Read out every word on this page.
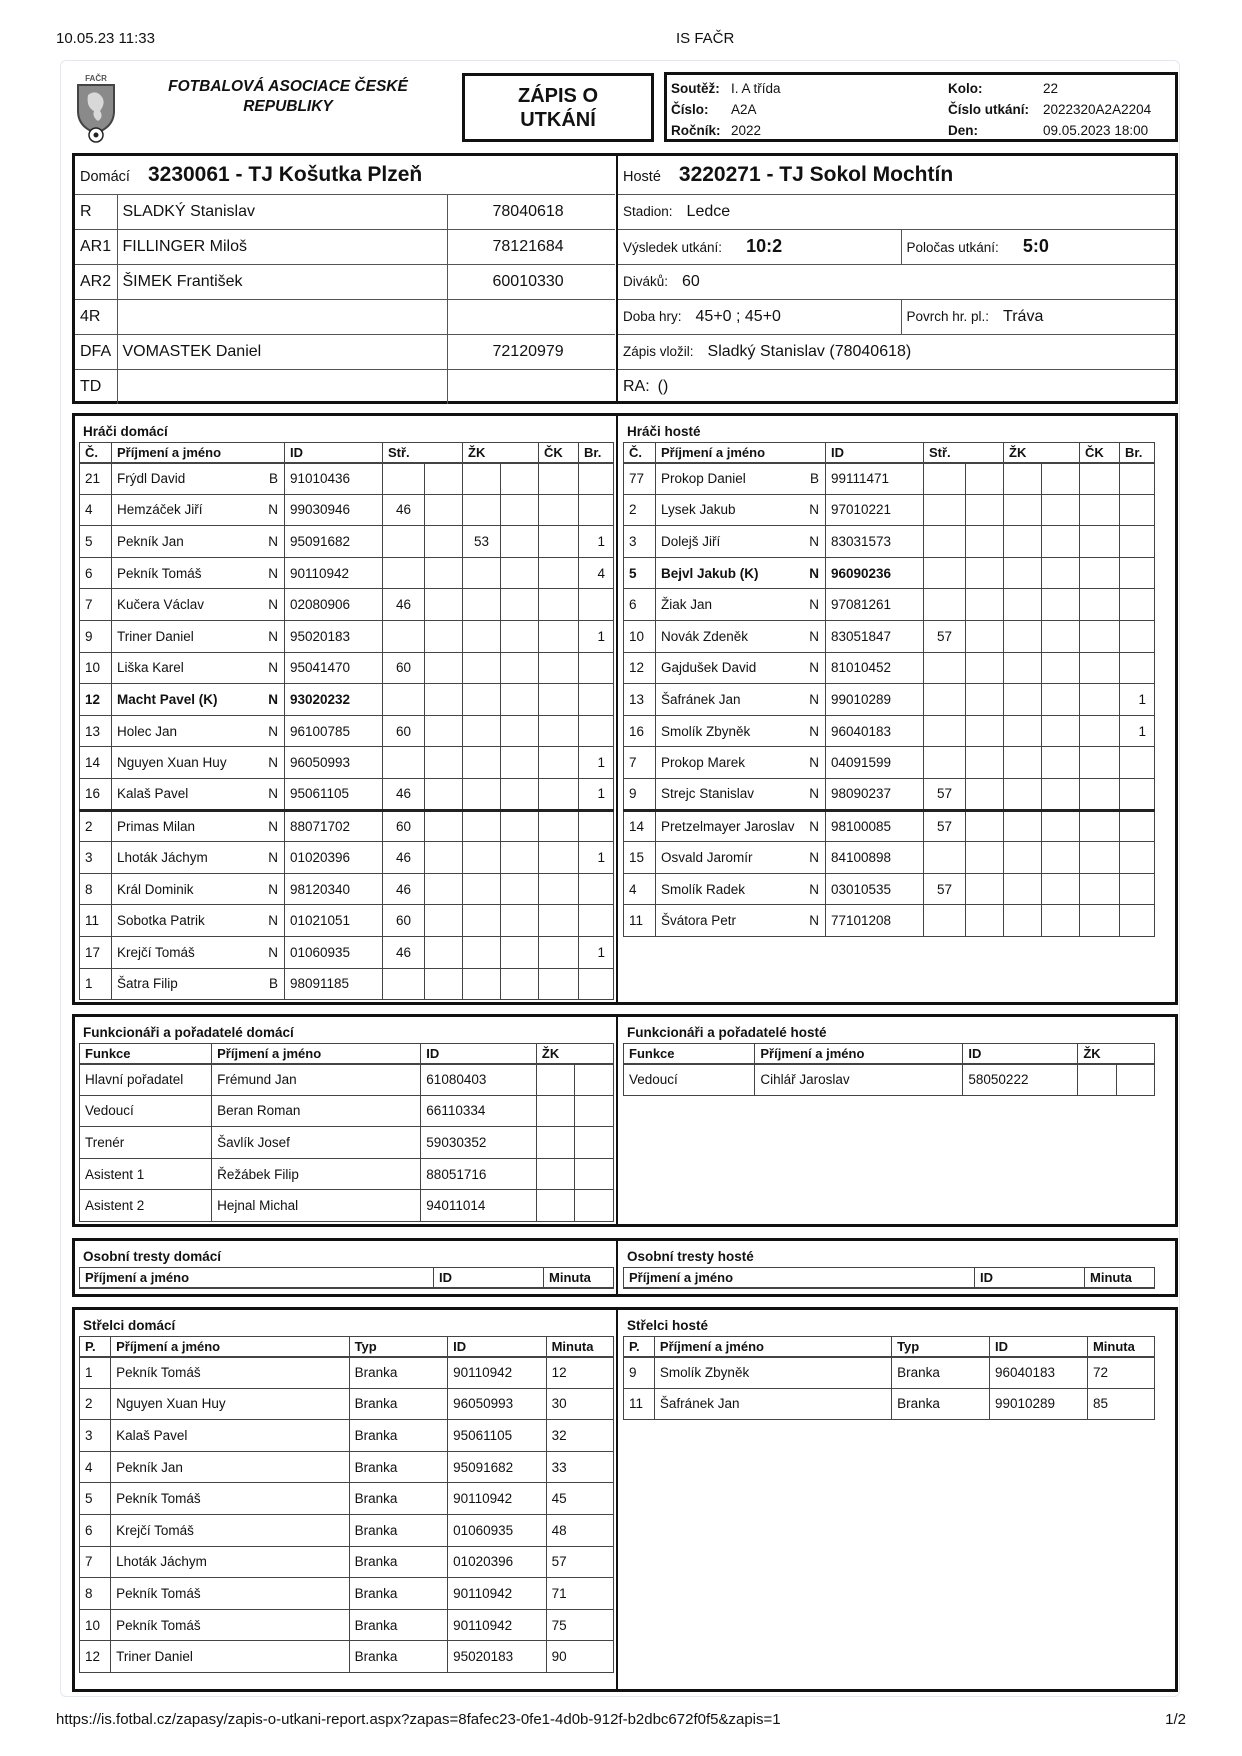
10.05.23 11:33	IS FAČR
FAČR	FOTBALOVÁ ASOCIACE ČESKÉ
REPUBLIKY	ZÁPIS O
UTKÁNÍ
Soutěž: I. A třída	Kolo:	22
Číslo: A2A	Číslo utkání: 2022320A2A2204
Ročník: 2022	Den:	09.05.2023 18:00
Domácí 3230061 - TJ Košutka Plzeň		
R	SLADKÝ Stanislav	78040618
AR1	FILLINGER Miloš	78121684
AR2	ŠIMEK František	60010330
4R		
DFA	VOMASTEK Daniel	72120979
TD		
Hosté 3220271 - TJ Sokol Mochtín	
Stadion: Ledce	
Výsledek utkání: 10:2	Poločas utkání: 5:0
Diváků: 60	
Doba hry: 45+0 ; 45+0	Povrch hr. pl.: Tráva
Zápis vložil: Sladký Stanislav (78040618)	
RA: ()	
Hráči domácí
Č.	Příjmení a jméno		ID	Stř.		ŽK		ČK	Br.
21	Frýdl David	B	91010436						
4	Hemzáček Jiří	N	99030946	46					
5	Pekník Jan	N	95091682			53			1
6	Pekník Tomáš	N	90110942						4
7	Kučera Václav	N	02080906	46					
9	Triner Daniel	N	95020183						1
10	Liška Karel	N	95041470	60					
12	Macht Pavel (K)	N	93020232						
13	Holec Jan	N	96100785	60					
14	Nguyen Xuan Huy	N	96050993						1
16	Kalaš Pavel	N	95061105	46					1
2	Primas Milan	N	88071702	60					
3	Lhoták Jáchym	N	01020396	46					1
8	Král Dominik	N	98120340	46					
11	Sobotka Patrik	N	01021051	60					
17	Krejčí Tomáš	N	01060935	46					1
1	Šatra Filip	B	98091185						
Hráči hosté
Č.	Příjmení a jméno		ID	Stř.		ŽK		ČK	Br.
77	Prokop Daniel	B	99111471						
2	Lysek Jakub	N	97010221						
3	Dolejš Jiří	N	83031573						
5	Bejvl Jakub (K)	N	96090236						
6	Žiak Jan	N	97081261						
10	Novák Zdeněk	N	83051847	57					
12	Gajdušek David	N	81010452						
13	Šafránek Jan	N	99010289						1
16	Smolík Zbyněk	N	96040183						1
7	Prokop Marek	N	04091599						
9	Strejc Stanislav	N	98090237	57					
14	Pretzelmayer Jaroslav	N	98100085	57					
15	Osvald Jaromír	N	84100898						
4	Smolík Radek	N	03010535	57					
11	Švátora Petr	N	77101208						
Funkcionáři a pořadatelé domácí
Funkce	Příjmení a jméno	ID	ŽK	
Hlavní pořadatel	Frémund Jan	61080403		
Vedoucí	Beran Roman	66110334		
Trenér	Šavlík Josef	59030352		
Asistent 1	Řežábek Filip	88051716		
Asistent 2	Hejnal Michal	94011014		
Funkcionáři a pořadatelé hosté
Funkce	Příjmení a jméno	ID	ŽK	
Vedoucí	Cihlář Jaroslav	58050222		
Osobní tresty domácí
Příjmení a jméno	ID	Minuta
Osobní tresty hosté
Příjmení a jméno	ID	Minuta
Střelci domácí
P.	Příjmení a jméno	Typ	ID	Minuta
1	Pekník Tomáš	Branka	90110942	12
2	Nguyen Xuan Huy	Branka	96050993	30
3	Kalaš Pavel	Branka	95061105	32
4	Pekník Jan	Branka	95091682	33
5	Pekník Tomáš	Branka	90110942	45
6	Krejčí Tomáš	Branka	01060935	48
7	Lhoták Jáchym	Branka	01020396	57
8	Pekník Tomáš	Branka	90110942	71
10	Pekník Tomáš	Branka	90110942	75
12	Triner Daniel	Branka	95020183	90
Střelci hosté
P.	Příjmení a jméno	Typ	ID	Minuta
9	Smolík Zbyněk	Branka	96040183	72
11	Šafránek Jan	Branka	99010289	85
https://is.fotbal.cz/zapasy/zapis-o-utkani-report.aspx?zapas=8fafec23-0fe1-4d0b-912f-b2dbc672f0f5&zapis=1	1/2
